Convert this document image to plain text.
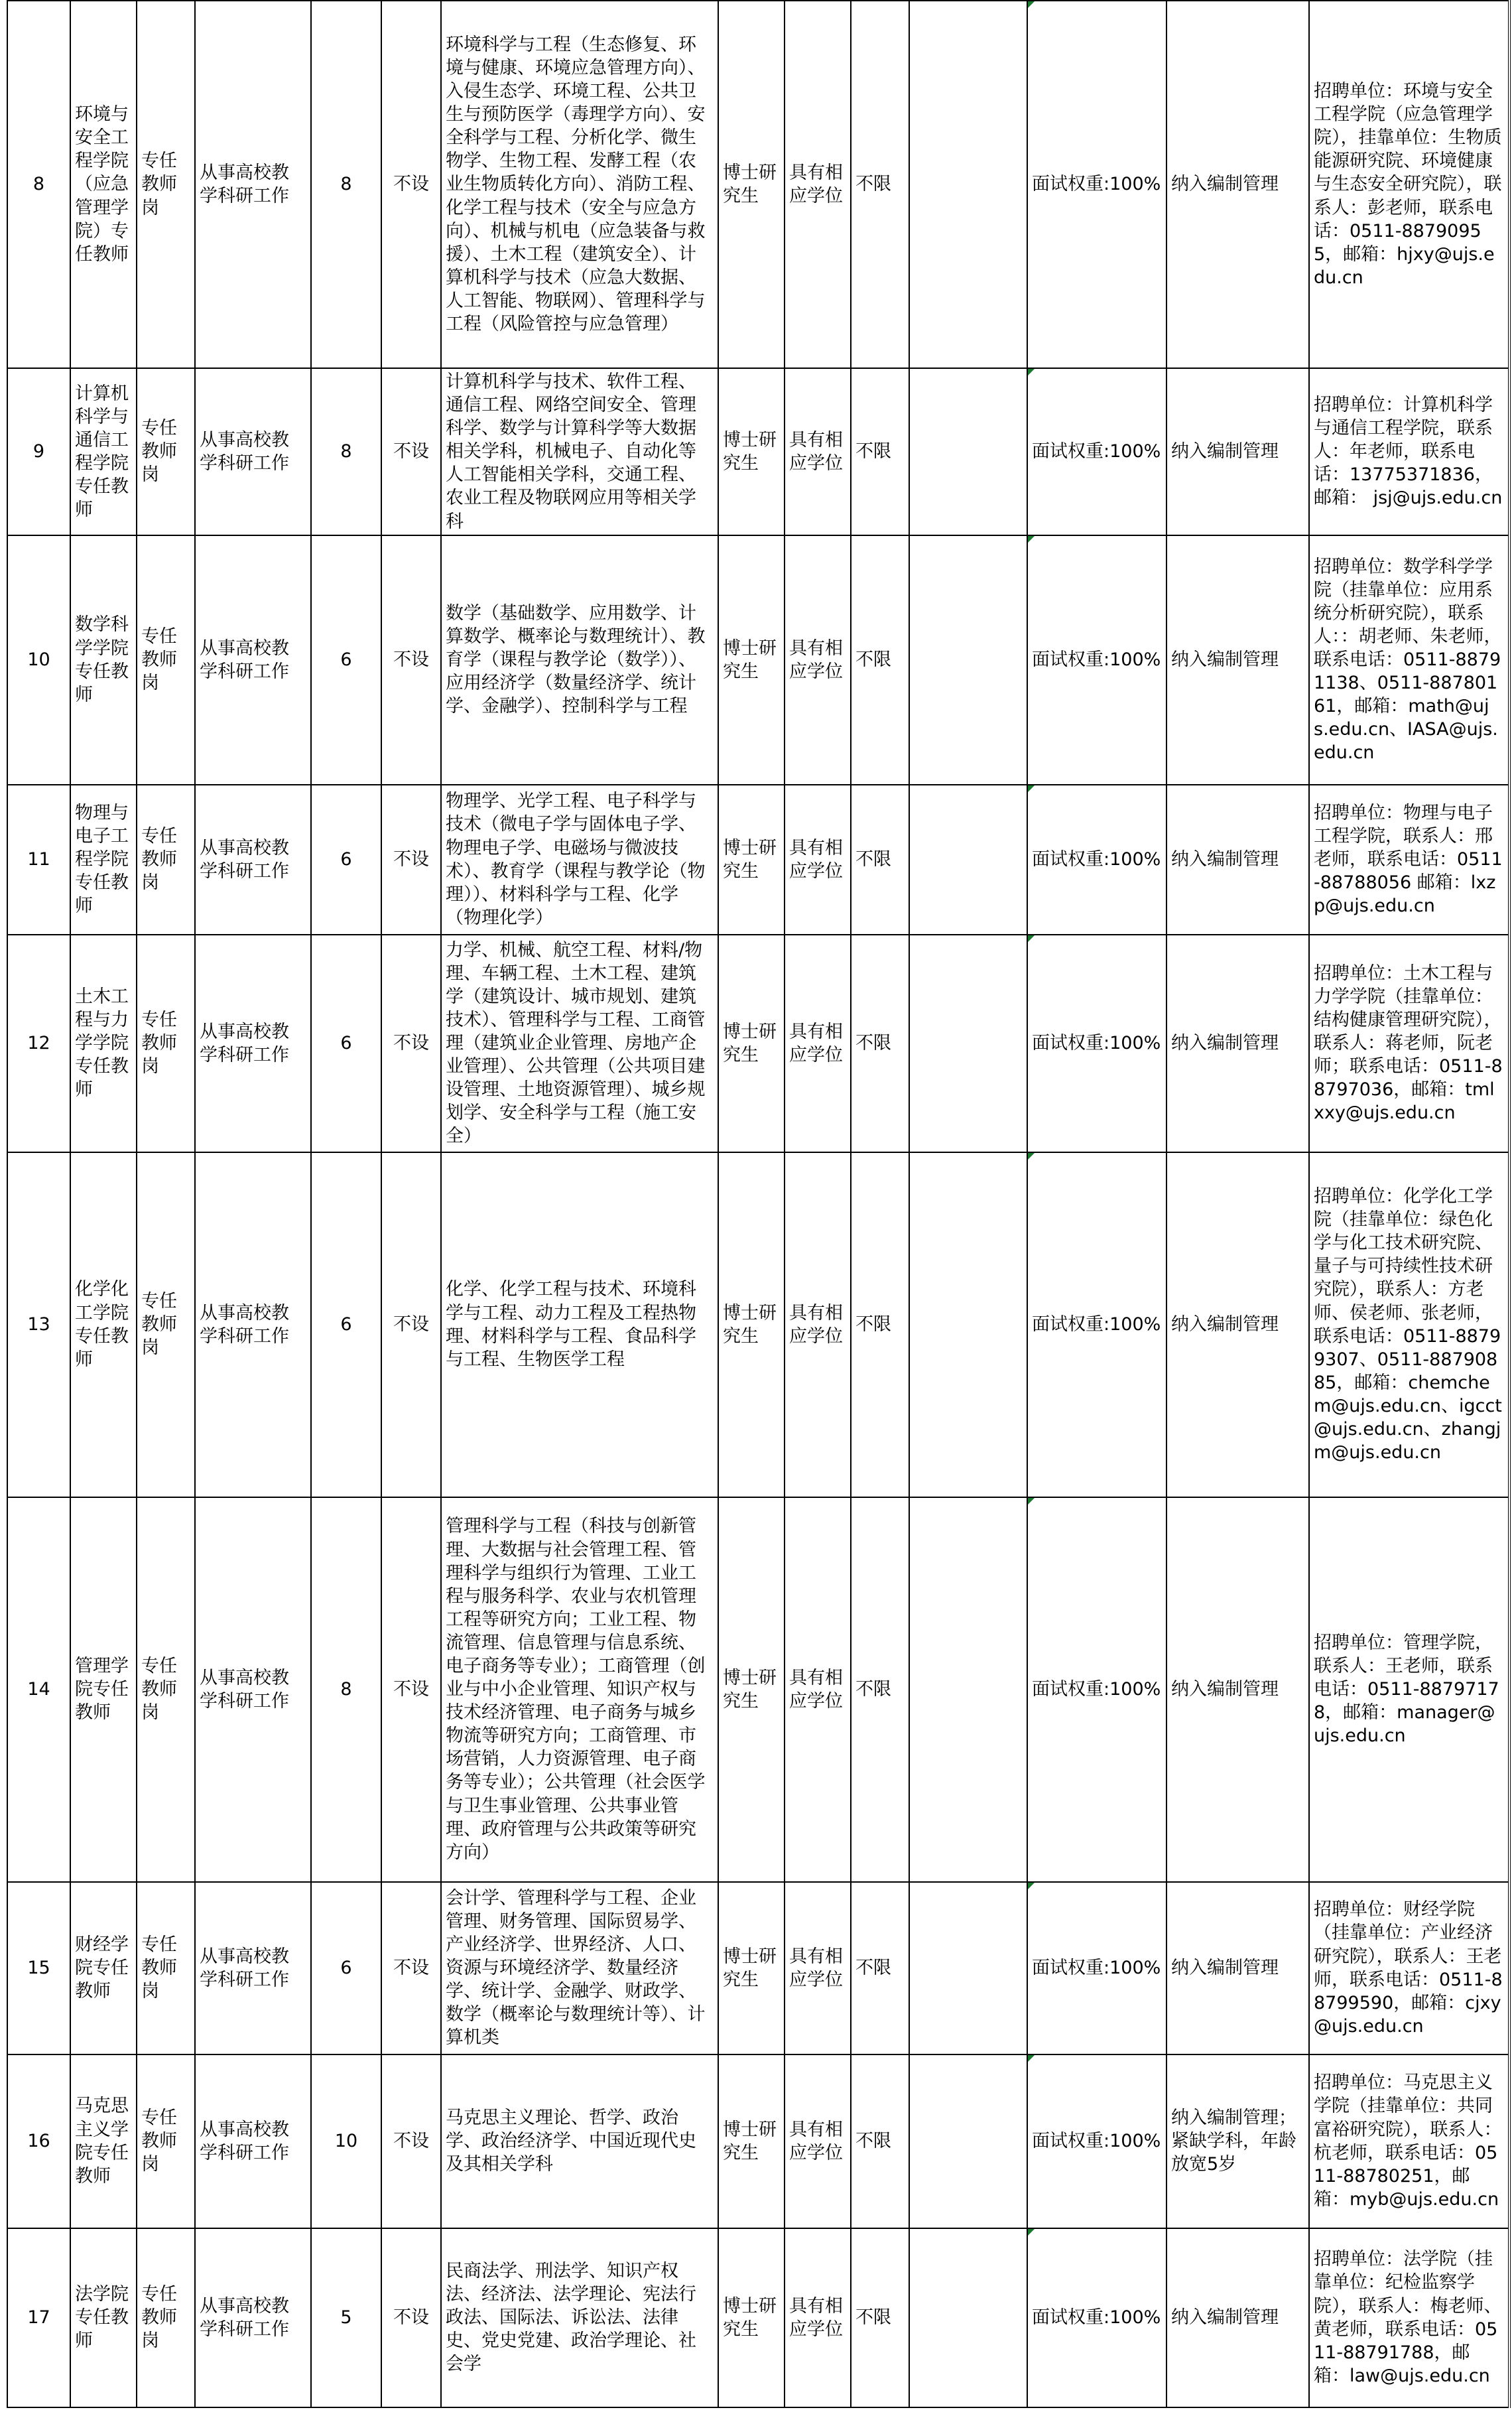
8	环境与安全工程学院（应急管理学院）专任教师	专任教师岗	从事高校教学科研工作	8	不设	环境科学与工程（生态修复、环境与健康、环境应急管理方向）、入侵生态学、环境工程、公共卫生与预防医学（毒理学方向）、安全科学与工程、分析化学、微生物学、生物工程、发酵工程（农业生物质转化方向）、消防工程、化学工程与技术（安全与应急方向）、机械与机电（应急装备与救援）、土木工程（建筑安全）、计算机科学与技术（应急大数据、人工智能、物联网）、管理科学与工程（风险管控与应急管理）	博士研究生	具有相应学位	不限		面试权重:100%	纳入编制管理	招聘单位：环境与安全工程学院（应急管理学院），挂靠单位：生物质能源研究院、环境健康与生态安全研究院），联系人：彭老师，联系电话：0511-88790955，邮箱：hjxy@ujs.edu.cn
9	计算机科学与通信工程学院专任教师	专任教师岗	从事高校教学科研工作	8	不设	计算机科学与技术、软件工程、通信工程、网络空间安全、管理科学、数学与计算科学等大数据相关学科，机械电子、自动化等人工智能相关学科，交通工程、农业工程及物联网应用等相关学科	博士研究生	具有相应学位	不限		面试权重:100%	纳入编制管理	招聘单位：计算机科学与通信工程学院，联系人：年老师，联系电话：13775371836，邮箱： jsj@ujs.edu.cn
10	数学科学学院专任教师	专任教师岗	从事高校教学科研工作	6	不设	数学（基础数学、应用数学、计算数学、概率论与数理统计）、教育学（课程与教学论（数学））、应用经济学（数量经济学、统计学、金融学）、控制科学与工程	博士研究生	具有相应学位	不限		面试权重:100%	纳入编制管理	招聘单位：数学科学学院（挂靠单位：应用系统分析研究院），联系人：：胡老师、朱老师，联系电话：0511-88791138、0511-88780161，邮箱：math@ujs.edu.cn、IASA@ujs.edu.cn
11	物理与电子工程学院专任教师	专任教师岗	从事高校教学科研工作	6	不设	物理学、光学工程、电子科学与技术（微电子学与固体电子学、物理电子学、电磁场与微波技术）、教育学（课程与教学论（物理））、材料科学与工程、化学（物理化学）	博士研究生	具有相应学位	不限		面试权重:100%	纳入编制管理	招聘单位：物理与电子工程学院，联系人：邢老师，联系电话：0511-88788056 邮箱：lxzp@ujs.edu.cn
12	土木工程与力学学院专任教师	专任教师岗	从事高校教学科研工作	6	不设	力学、机械、航空工程、材料/物理、车辆工程、土木工程、建筑学（建筑设计、城市规划、建筑技术）、管理科学与工程、工商管理（建筑业企业管理、房地产企业管理）、公共管理（公共项目建设管理、土地资源管理）、城乡规划学、安全科学与工程（施工安全）	博士研究生	具有相应学位	不限		面试权重:100%	纳入编制管理	招聘单位：土木工程与力学学院（挂靠单位：结构健康管理研究院），联系人：蒋老师，阮老师；联系电话：0511-88797036，邮箱：tmlxxy@ujs.edu.cn
13	化学化工学院专任教师	专任教师岗	从事高校教学科研工作	6	不设	化学、化学工程与技术、环境科学与工程、动力工程及工程热物理、材料科学与工程、食品科学与工程、生物医学工程	博士研究生	具有相应学位	不限		面试权重:100%	纳入编制管理	招聘单位：化学化工学院（挂靠单位：绿色化学与化工技术研究院、量子与可持续性技术研究院），联系人：方老师、侯老师、张老师，联系电话：0511-88799307、0511-88790885，邮箱：chemchem@ujs.edu.cn、igcct@ujs.edu.cn、zhangjm@ujs.edu.cn
14	管理学院专任教师	专任教师岗	从事高校教学科研工作	8	不设	管理科学与工程（科技与创新管理、大数据与社会管理工程、管理科学与组织行为管理、工业工程与服务科学、农业与农机管理工程等研究方向；工业工程、物流管理、信息管理与信息系统、电子商务等专业）；工商管理（创业与中小企业管理、知识产权与技术经济管理、电子商务与城乡物流等研究方向；工商管理、市场营销，人力资源管理、电子商务等专业）；公共管理（社会医学与卫生事业管理、公共事业管理、政府管理与公共政策等研究方向）	博士研究生	具有相应学位	不限		面试权重:100%	纳入编制管理	招聘单位：管理学院，联系人：王老师，联系电话：0511-88797178，邮箱：manager@ujs.edu.cn
15	财经学院专任教师	专任教师岗	从事高校教学科研工作	6	不设	会计学、管理科学与工程、企业管理、财务管理、国际贸易学、产业经济学、世界经济、人口、资源与环境经济学、数量经济学、统计学、金融学、财政学、数学（概率论与数理统计等）、计算机类	博士研究生	具有相应学位	不限		面试权重:100%	纳入编制管理	招聘单位：财经学院（挂靠单位：产业经济研究院），联系人：王老师，联系电话：0511-88799590，邮箱：cjxy@ujs.edu.cn
16	马克思主义学院专任教师	专任教师岗	从事高校教学科研工作	10	不设	马克思主义理论、哲学、政治学、政治经济学、中国近现代史及其相关学科	博士研究生	具有相应学位	不限		面试权重:100%	纳入编制管理；紧缺学科，年龄放宽5岁	招聘单位：马克思主义学院（挂靠单位：共同富裕研究院），联系人：杭老师，联系电话：0511-88780251，邮箱：myb@ujs.edu.cn
17	法学院专任教师	专任教师岗	从事高校教学科研工作	5	不设	民商法学、刑法学、知识产权法、经济法、法学理论、宪法行政法、国际法、诉讼法、法律史、党史党建、政治学理论、社会学	博士研究生	具有相应学位	不限		面试权重:100%	纳入编制管理	招聘单位：法学院（挂靠单位：纪检监察学院），联系人：梅老师、黄老师，联系电话：0511-88791788，邮箱：law@ujs.edu.cn
